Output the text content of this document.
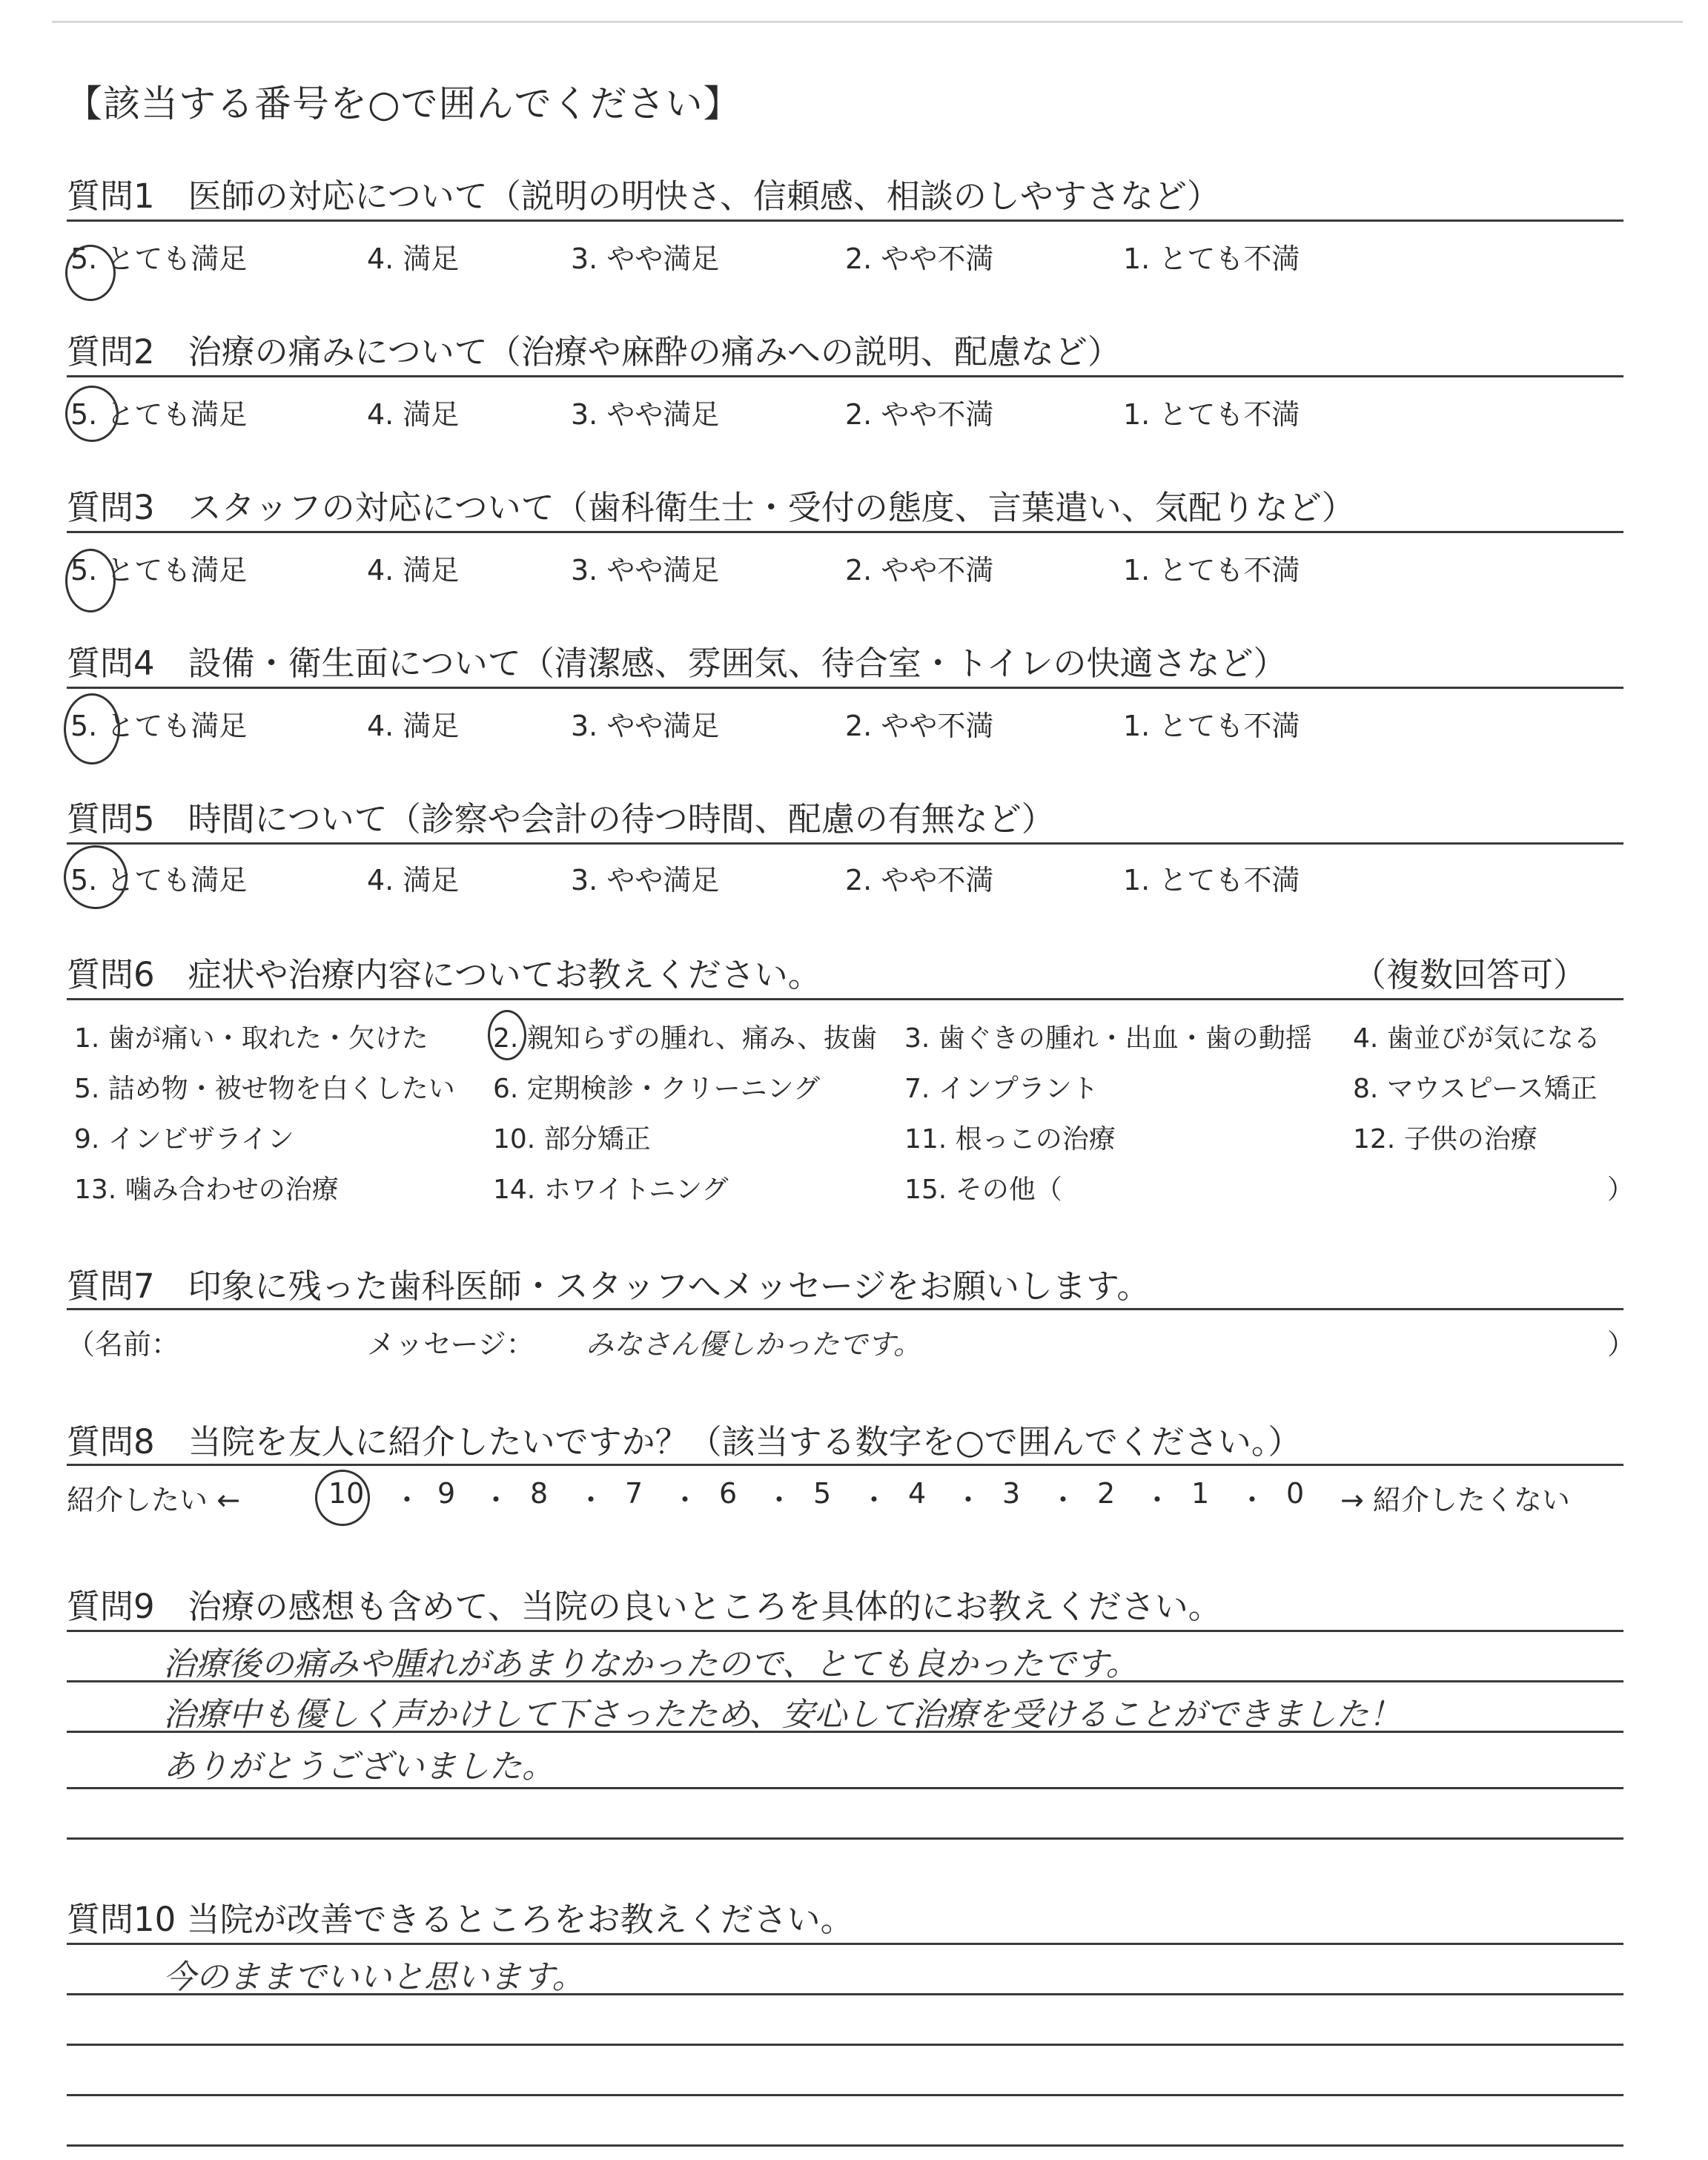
【該当する番号を○で囲んでください】
質問1　医師の対応について（説明の明快さ、信頼感、相談のしやすさなど）
5. とても満足	4. 満足	3. やや満足	2. やや不満	1. とても不満
質問2　治療の痛みについて（治療や麻酔の痛みへの説明、配慮など）
5. とても満足	4. 満足	3. やや満足	2. やや不満	1. とても不満
質問3　スタッフの対応について（歯科衛生士・受付の態度、言葉遣い、気配りなど）
5. とても満足	4. 満足	3. やや満足	2. やや不満	1. とても不満
質問4　設備・衛生面について（清潔感、雰囲気、待合室・トイレの快適さなど）
5. とても満足	4. 満足	3. やや満足	2. やや不満	1. とても不満
質問5　時間について（診察や会計の待つ時間、配慮の有無など）
5. とても満足	4. 満足	3. やや満足	2. やや不満	1. とても不満
質問6　症状や治療内容についてお教えください。	（複数回答可）
1. 歯が痛い・取れた・欠けた 2. 親知らずの腫れ、痛み、抜歯 3. 歯ぐきの腫れ・出血・歯の動揺 4. 歯並びが気になる
5. 詰め物・被せ物を白くしたい 6. 定期検診・クリーニング	7. インプラント	8. マウスピース矯正
9. インビザライン	10. 部分矯正	11. 根っこの治療	12. 子供の治療
13. 噛み合わせの治療	14. ホワイトニング	15. その他（	）
質問7　印象に残った歯科医師・スタッフへメッセージをお願いします。
（名前：	メッセージ： みなさん優しかったです。	）
質問8　当院を友人に紹介したいですか？（該当する数字を○で囲んでください。）
紹介したい ←	→ 紹介したくない
10 ・ 9 ・ 8 ・ 7 ・ 6 ・ 5 ・ 4 ・ 3 ・ 2 ・ 1 ・ 0
質問9　治療の感想も含めて、当院の良いところを具体的にお教えください。
治療後の痛みや腫れがあまりなかったので、とても良かったです。
治療中も優しく声かけして下さったため、安心して治療を受けることができました！
ありがとうございました。
質問10 当院が改善できるところをお教えください。
今のままでいいと思います。
